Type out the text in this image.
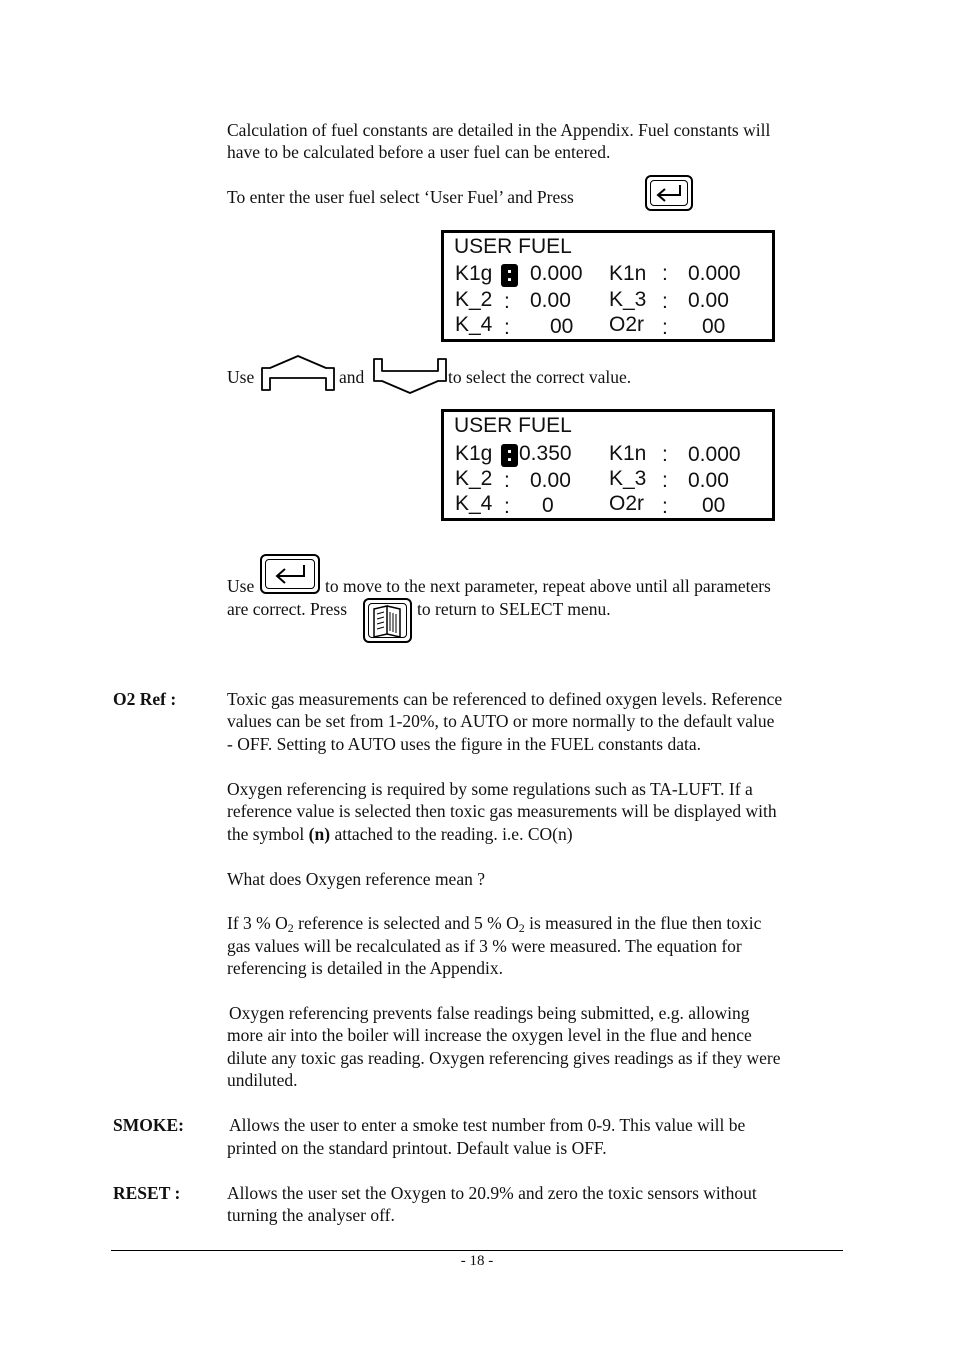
Calculation of fuel constants are detailed in the Appendix. Fuel constants will

have to be calculated before a user fuel can be entered.

To enter the user fuel select ‘User Fuel’ and Press

USER FUEL
K1g : 0.000 K1n : 0.000
K_2 : 0.00 K_3 : 0.00
K_4 : 00 O2r : 00

Use	and	to select the correct value.

USER FUEL
K1g : 0.350 K1n : 0.000
K_2 : 0.00 K_3 : 0.00
K_4 : 0	O2r : 00

Use	to move to the next parameter, repeat above until all parameters

are correct. Press	to return to SELECT menu.

O2 Ref :	Toxic gas measurements can be referenced to defined oxygen levels. Reference

values can be set from 1-20%, to AUTO or more normally to the default value

- OFF. Setting to AUTO uses the figure in the FUEL constants data.

Oxygen referencing is required by some regulations such as TA-LUFT. If a

reference value is selected then toxic gas measurements will be displayed with

the symbol (n) attached to the reading. i.e. CO(n)

What does Oxygen reference mean ?

If 3 % $O_2$ reference is selected and 5 % $O_2$ is measured in the flue then toxic

gas values will be recalculated as if 3 % were measured. The equation for

referencing is detailed in the Appendix.

Oxygen referencing prevents false readings being submitted, e.g. allowing

more air into the boiler will increase the oxygen level in the flue and hence

dilute any toxic gas reading. Oxygen referencing gives readings as if they were

undiluted.

SMOKE:	Allows the user to enter a smoke test number from 0-9. This value will be

printed on the standard printout. Default value is OFF.

RESET :	Allows the user set the Oxygen to 20.9% and zero the toxic sensors without

turning the analyser off.

- 18 -
